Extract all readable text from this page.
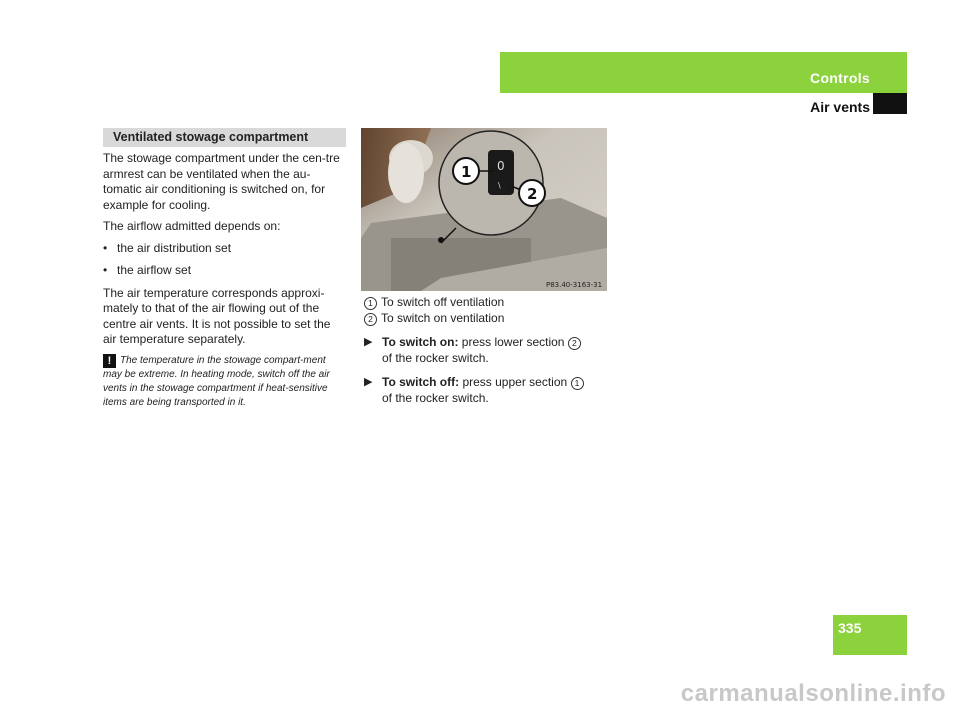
Controls
Air vents
Ventilated stowage compartment

The stowage compartment under the cen-tre armrest can be ventilated when the au-tomatic air conditioning is switched on, for example for cooling.

The airflow admitted depends on:

• the air distribution set
• the airflow set

The air temperature corresponds approxi-mately to that of the air flowing out of the centre air vents. It is not possible to set the air temperature separately.

! The temperature in the stowage compart-ment may be extreme. In heating mode, switch off the air vents in the stowage compartment if heat-sensitive items are being transported in it.
0
\
1
2
P83.40-3163-31
1 To switch off ventilation
2 To switch on ventilation
▶ To switch on: press lower section 2
of the rocker switch.
▶ To switch off: press upper section 1
of the rocker switch.
335
carmanualsonline.info
